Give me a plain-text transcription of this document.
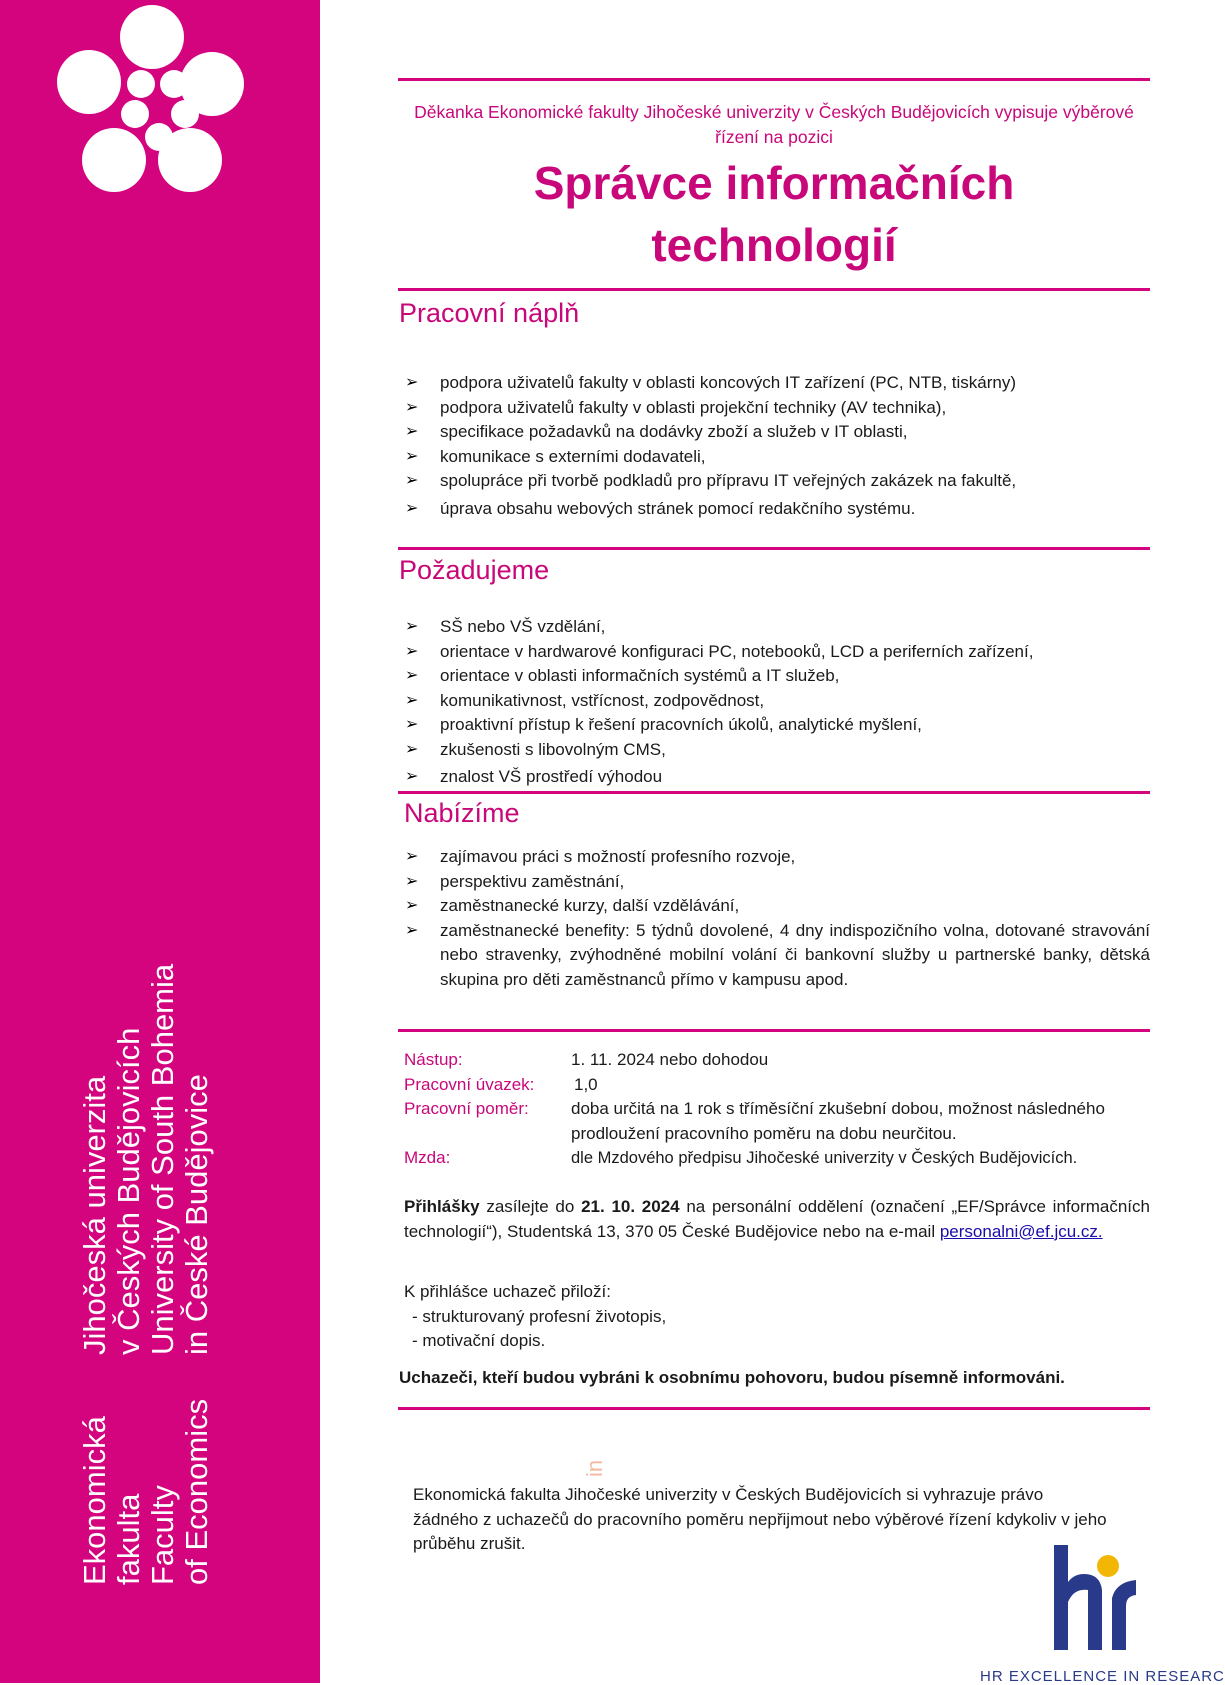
Jihočeská univerzita v Českých Budějovicích University of South Bohemia in České Budějovice
Ekonomická fakulta Faculty of Economics
Děkanka Ekonomické fakulty Jihočeské univerzity v Českých Budějovicích vypisuje výběrové řízení na pozici
Správce informačních
technologií
Pracovní náplň
➢ podpora uživatelů fakulty v oblasti koncových IT zařízení (PC, NTB, tiskárny)
➢ podpora uživatelů fakulty v oblasti projekční techniky (AV technika),
➢ specifikace požadavků na dodávky zboží a služeb v IT oblasti,
➢ komunikace s externími dodavateli,
➢ spolupráce při tvorbě podkladů pro přípravu IT veřejných zakázek na fakultě,
➢ úprava obsahu webových stránek pomocí redakčního systému.
Požadujeme
➢ SŠ nebo VŠ vzdělání,
➢ orientace v hardwarové konfiguraci PC, notebooků, LCD a periferních zařízení,
➢ orientace v oblasti informačních systémů a IT služeb,
➢ komunikativnost, vstřícnost, zodpovědnost,
➢ proaktivní přístup k řešení pracovních úkolů, analytické myšlení,
➢ zkušenosti s libovolným CMS,
➢ znalost VŠ prostředí výhodou
Nabízíme
➢ zajímavou práci s možností profesního rozvoje,
➢ perspektivu zaměstnání,
➢ zaměstnanecké kurzy, další vzdělávání,
➢ zaměstnanecké benefity: 5 týdnů dovolené, 4 dny indispozičního volna, dotované stravování nebo stravenky, zvýhodněné mobilní volání či bankovní služby u partnerské banky, dětská skupina pro děti zaměstnanců přímo v kampusu apod.
Nástup:	1. 11. 2024 nebo dohodou
Pracovní úvazek:	1,0
Pracovní poměr:	doba určitá na 1 rok s tříměsíční zkušební dobou, možnost následného prodloužení pracovního poměru na dobu neurčitou.
Mzda:	dle Mzdového předpisu Jihočeské univerzity v Českých Budějovicích.
Přihlášky zasílejte do 21. 10. 2024 na personální oddělení (označení „EF/Správce informačních technologií“), Studentská 13, 370 05 České Budějovice nebo na e-mail personalni@ef.jcu.cz.
K přihlášce uchazeč přiloží:
- strukturovaný profesní životopis,
- motivační dopis.
Uchazeči, kteří budou vybráni k osobnímu pohovoru, budou písemně informováni.
in
Ekonomická fakulta Jihočeské univerzity v Českých Budějovicích si vyhrazuje právo žádného z uchazečů do pracovního poměru nepřijmout nebo výběrové řízení kdykoliv v jeho průběhu zrušit.
HR EXCELLENCE IN RESEARC
